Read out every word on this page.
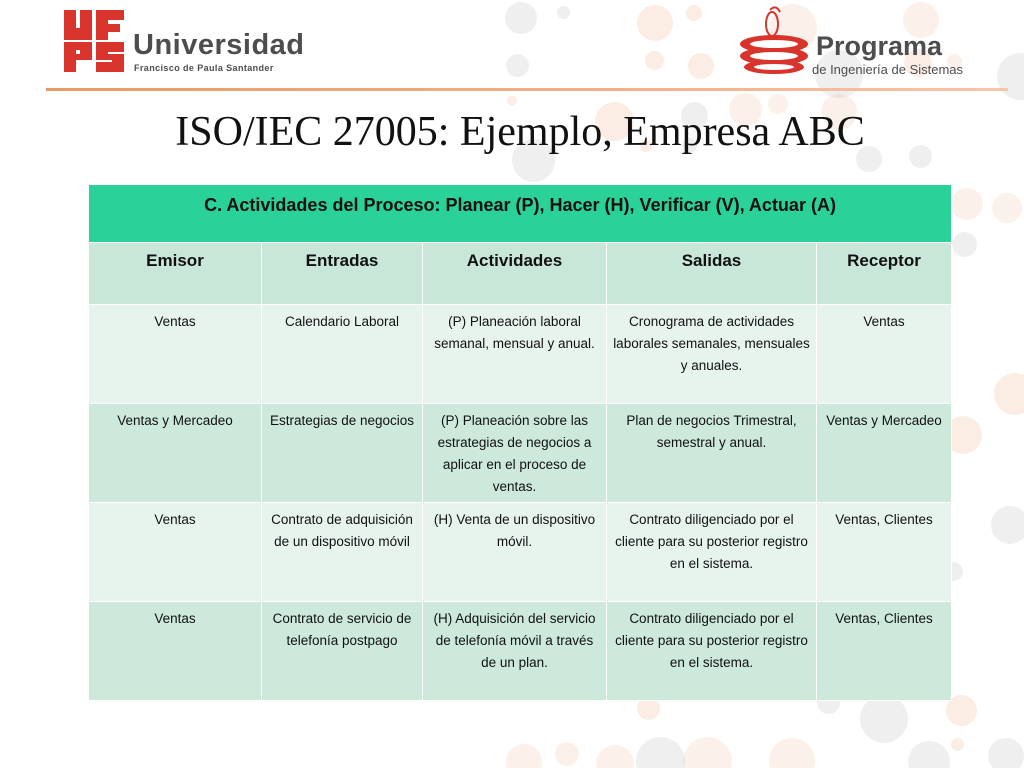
Universidad
Francisco de Paula Santander
Programa
de Ingeniería de Sistemas
ISO/IEC 27005: Ejemplo, Empresa ABC
C. Actividades del Proceso: Planear (P), Hacer (H), Verificar (V), Actuar (A)				
Emisor	Entradas	Actividades	Salidas	Receptor
Ventas	Calendario Laboral	(P) Planeación laboral semanal, mensual y anual.	Cronograma de actividades laborales semanales, mensuales y anuales.	Ventas
Ventas y Mercadeo	Estrategias de negocios	(P) Planeación sobre las estrategias de negocios a aplicar en el proceso de ventas.	Plan de negocios Trimestral, semestral y anual.	Ventas y Mercadeo
Ventas	Contrato de adquisición de un dispositivo móvil	(H) Venta de un dispositivo móvil.	Contrato diligenciado por el cliente para su posterior registro en el sistema.	Ventas, Clientes
Ventas	Contrato de servicio de telefonía postpago	(H) Adquisición del servicio de telefonía móvil a través de un plan.	Contrato diligenciado por el cliente para su posterior registro en el sistema.	Ventas, Clientes
